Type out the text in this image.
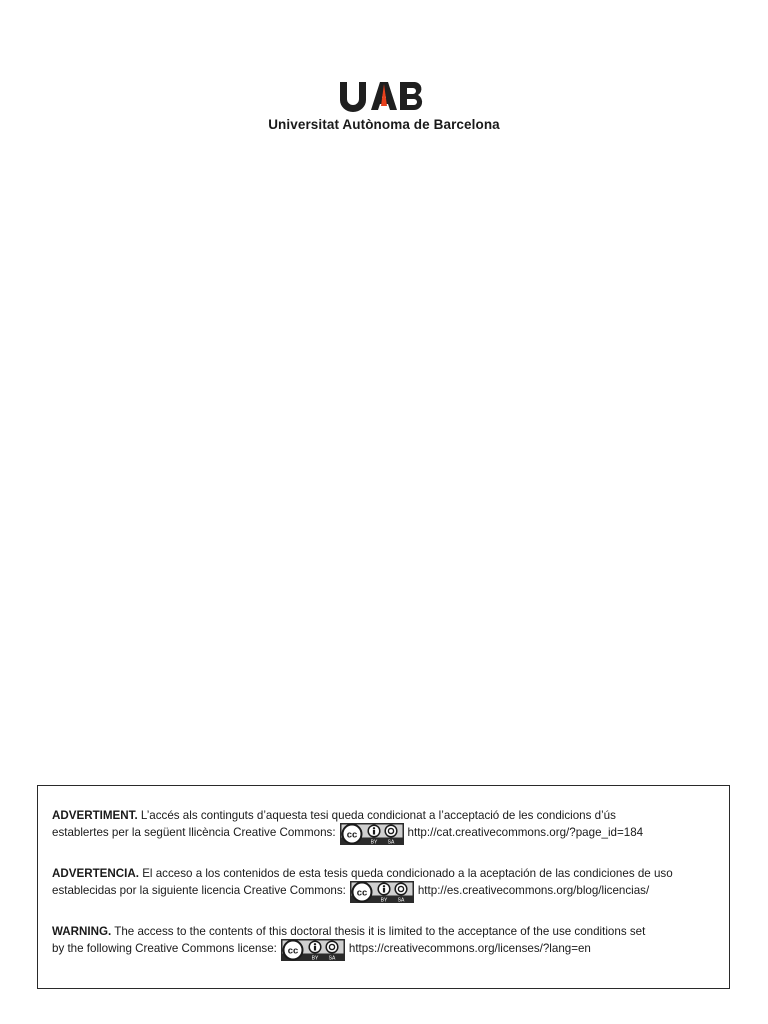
Universitat Autònoma de Barcelona
ADVERTIMENT. L’accés als continguts d’aquesta tesi queda condicionat a l’acceptació de les condicions d’ús
establertes per la següent llicència Creative Commons: cc
BY SA
http://cat.creativecommons.org/?page_id=184
ADVERTENCIA. El acceso a los contenidos de esta tesis queda condicionado a la aceptación de las condiciones de uso
establecidas por la siguiente licencia Creative Commons: cc
BY SA
http://es.creativecommons.org/blog/licencias/
WARNING. The access to the contents of this doctoral thesis it is limited to the acceptance of the use conditions set
by the following Creative Commons license: cc
BY SA
https://creativecommons.org/licenses/?lang=en
